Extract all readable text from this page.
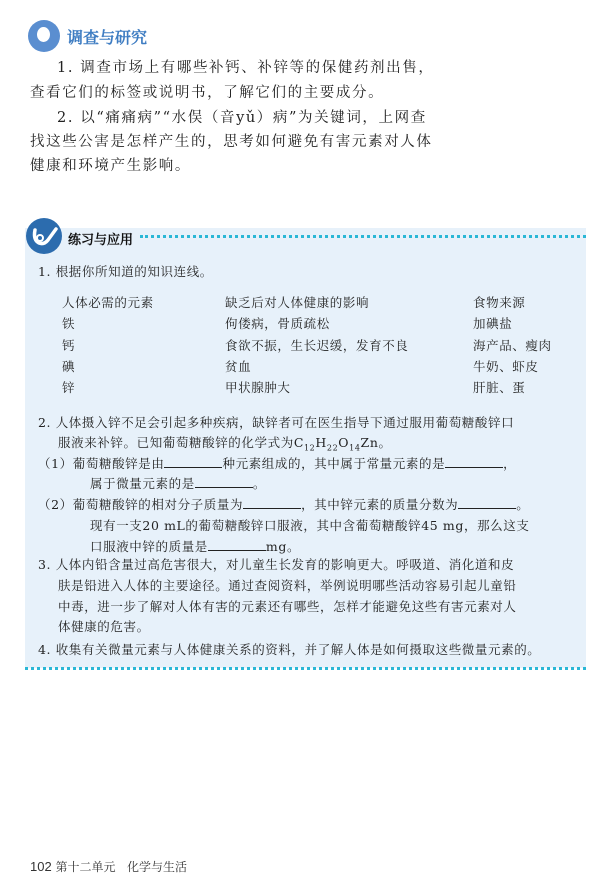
调查与研究
1. 调查市场上有哪些补钙、补锌等的保健药剂出售，
查看它们的标签或说明书，了解它们的主要成分。
2. 以“痛痛病”“水俣（音yǔ）病”为关键词，上网查
找这些公害是怎样产生的，思考如何避免有害元素对人体
健康和环境产生影响。
练习与应用
1. 根据你所知道的知识连线。
人体必需的元素	缺乏后对人体健康的影响	食物来源
铁	佝偻病，骨质疏松	加碘盐
钙	食欲不振，生长迟缓，发育不良	海产品、瘦肉
碘	贫血	牛奶、虾皮
锌	甲状腺肿大	肝脏、蛋
2. 人体摄入锌不足会引起多种疾病，缺锌者可在医生指导下通过服用葡萄糖酸锌口
服液来补锌。已知葡萄糖酸锌的化学式为$C_{12}H_{22}O_{14}Zn$。
（1）葡萄糖酸锌是由	种元素组成的，其中属于常量元素的是	，
属于微量元素的是	。
（2）葡萄糖酸锌的相对分子质量为	，其中锌元素的质量分数为	。
现有一支20 mL的葡萄糖酸锌口服液，其中含葡萄糖酸锌45 mg，那么这支
口服液中锌的质量是	mg。
3. 人体内铅含量过高危害很大，对儿童生长发育的影响更大。呼吸道、消化道和皮
肤是铅进入人体的主要途径。通过查阅资料，举例说明哪些活动容易引起儿童铅
中毒，进一步了解对人体有害的元素还有哪些，怎样才能避免这些有害元素对人
体健康的危害。
4. 收集有关微量元素与人体健康关系的资料，并了解人体是如何摄取这些微量元素的。
102 第十二单元 化学与生活
